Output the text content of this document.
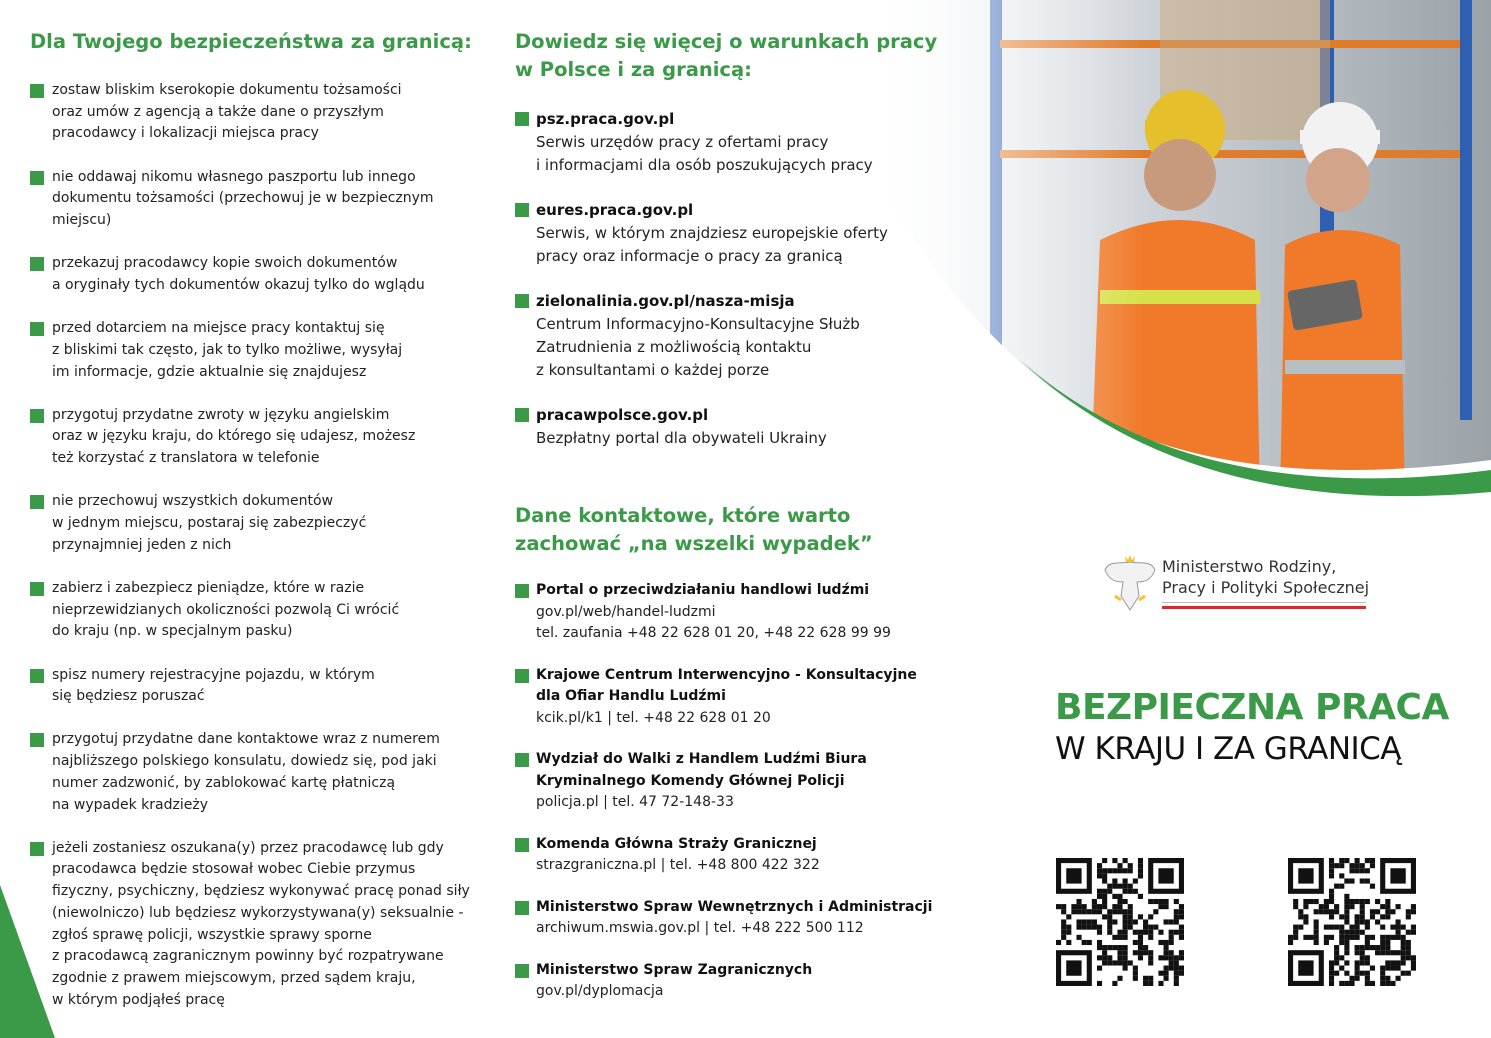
Dla Twojego bezpieczeństwa za granicą:
zostaw bliskim kserokopie dokumentu tożsamości
oraz umów z agencją a także dane o przyszłym
pracodawcy i lokalizacji miejsca pracy
nie oddawaj nikomu własnego paszportu lub innego
dokumentu tożsamości (przechowuj je w bezpiecznym
miejscu)
przekazuj pracodawcy kopie swoich dokumentów
a oryginały tych dokumentów okazuj tylko do wglądu
przed dotarciem na miejsce pracy kontaktuj się
z bliskimi tak często, jak to tylko możliwe, wysyłaj
im informacje, gdzie aktualnie się znajdujesz
przygotuj przydatne zwroty w języku angielskim
oraz w języku kraju, do którego się udajesz, możesz
też korzystać z translatora w telefonie
nie przechowuj wszystkich dokumentów
w jednym miejscu, postaraj się zabezpieczyć
przynajmniej jeden z nich
zabierz i zabezpiecz pieniądze, które w razie
nieprzewidzianych okoliczności pozwolą Ci wrócić
do kraju (np. w specjalnym pasku)
spisz numery rejestracyjne pojazdu, w którym
się będziesz poruszać
przygotuj przydatne dane kontaktowe wraz z numerem
najbliższego polskiego konsulatu, dowiedz się, pod jaki
numer zadzwonić, by zablokować kartę płatniczą
na wypadek kradzieży
jeżeli zostaniesz oszukana(y) przez pracodawcę lub gdy
pracodawca będzie stosował wobec Ciebie przymus
fizyczny, psychiczny, będziesz wykonywać pracę ponad siły
(niewolniczo) lub będziesz wykorzystywana(y) seksualnie -
zgłoś sprawę policji, wszystkie sprawy sporne
z pracodawcą zagranicznym powinny być rozpatrywane
zgodnie z prawem miejscowym, przed sądem kraju,
w którym podjąłeś pracę
Dowiedz się więcej o warunkach pracy
w Polsce i za granicą:
psz.praca.gov.pl
Serwis urzędów pracy z ofertami pracy
i informacjami dla osób poszukujących pracy
eures.praca.gov.pl
Serwis, w którym znajdziesz europejskie oferty
pracy oraz informacje o pracy za granicą
zielonalinia.gov.pl/nasza-misja
Centrum Informacyjno-Konsultacyjne Służb
Zatrudnienia z możliwością kontaktu
z konsultantami o każdej porze
pracawpolsce.gov.pl
Bezpłatny portal dla obywateli Ukrainy
Dane kontaktowe, które warto
zachować „na wszelki wypadek”
Portal o przeciwdziałaniu handlowi ludźmi
gov.pl/web/handel-ludzmi
tel. zaufania +48 22 628 01 20, +48 22 628 99 99
Krajowe Centrum Interwencyjno - Konsultacyjne
dla Ofiar Handlu Ludźmi
kcik.pl/k1 | tel. +48 22 628 01 20
Wydział do Walki z Handlem Ludźmi Biura
Kryminalnego Komendy Głównej Policji
policja.pl | tel. 47 72-148-33
Komenda Główna Straży Granicznej
strazgraniczna.pl | tel. +48 800 422 322
Ministerstwo Spraw Wewnętrznych i Administracji
archiwum.mswia.gov.pl | tel. +48 222 500 112
Ministerstwo Spraw Zagranicznych
gov.pl/dyplomacja
Ministerstwo Rodziny,
Pracy i Polityki Społecznej
BEZPIECZNA PRACA
W KRAJU I ZA GRANICĄ
